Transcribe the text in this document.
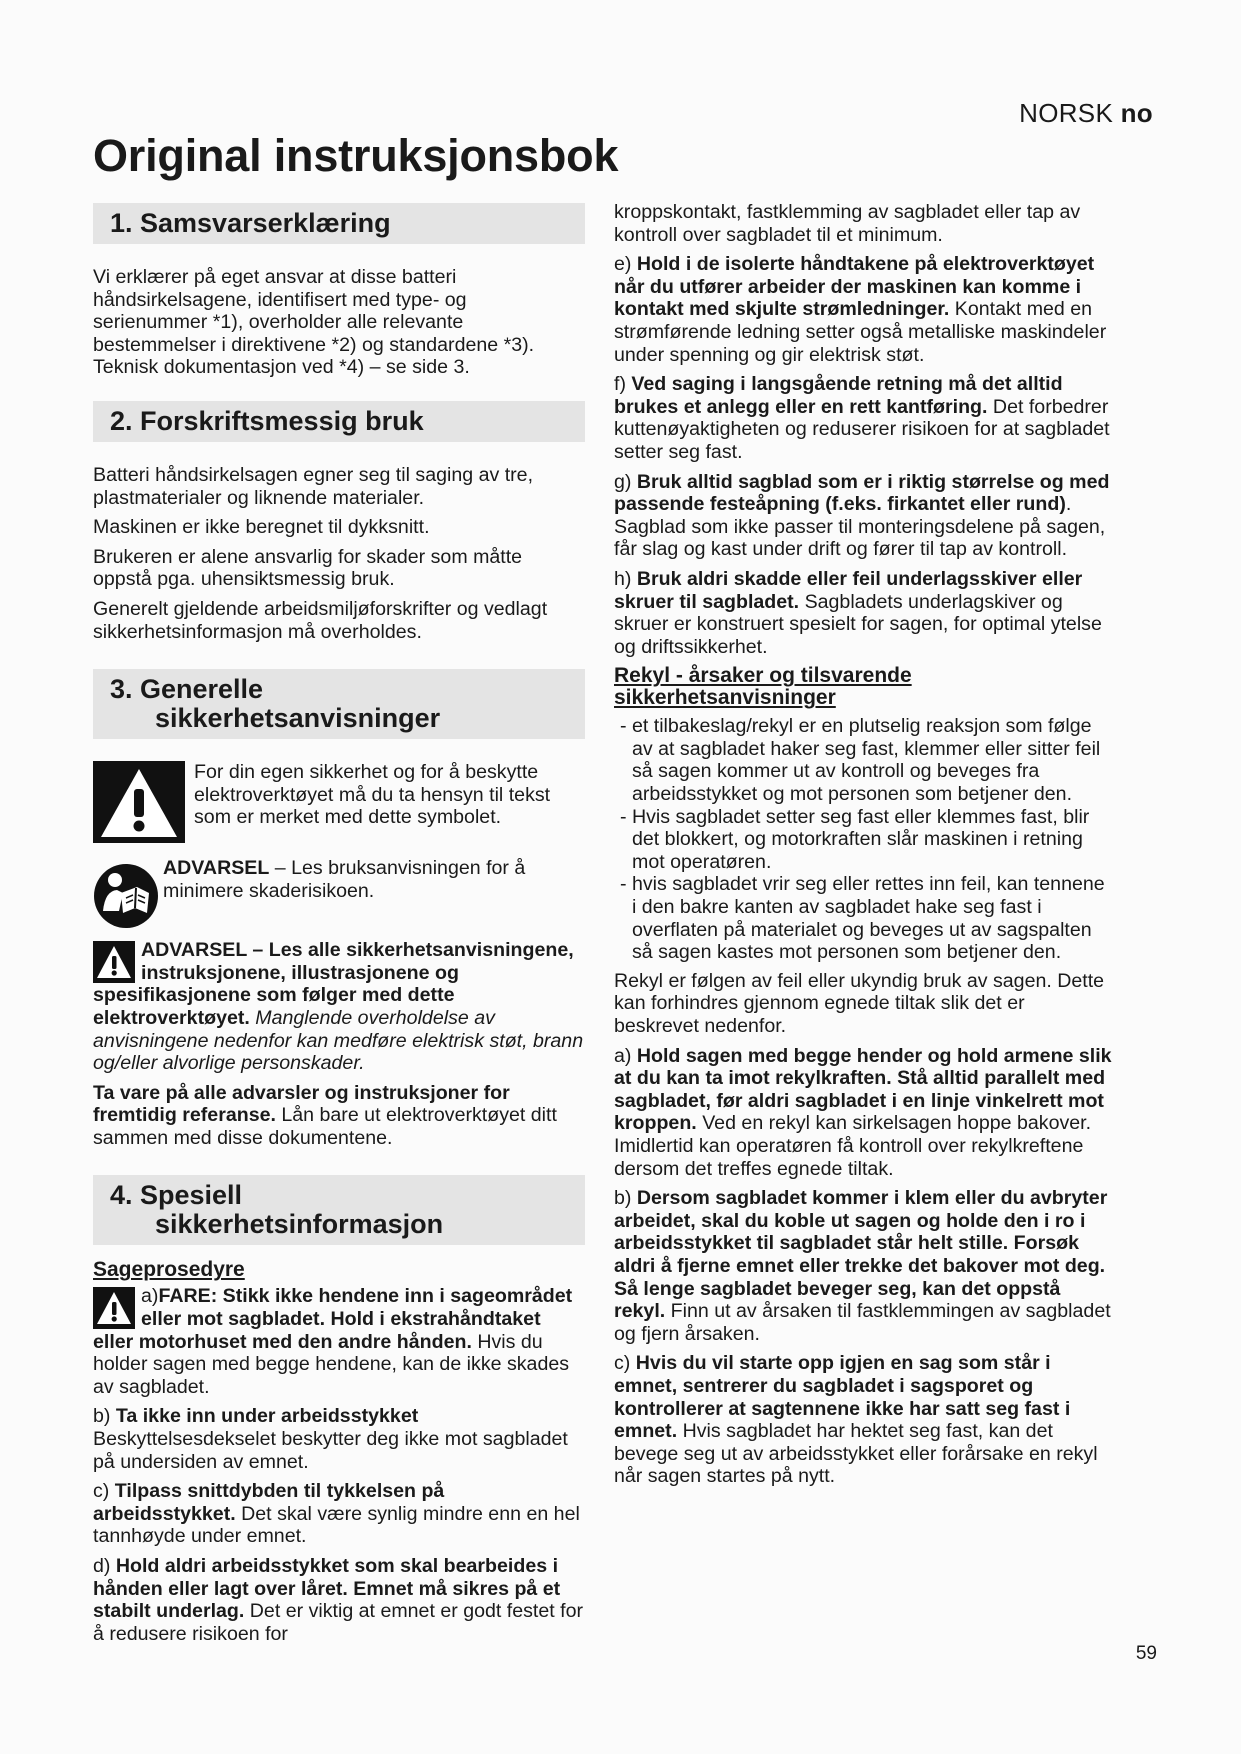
NORSK no
Original instruksjonsbok
1. Samsvarserklæring

Vi erklærer på eget ansvar at disse batteri håndsirkelsagene, identifisert med type- og serienummer *1), overholder alle relevante bestemmelser i direktivene *2) og standardene *3). Teknisk dokumentasjon ved *4) – se side 3.

2. Forskriftsmessig bruk

Batteri håndsirkelsagen egner seg til saging av tre, plastmaterialer og liknende materialer.

Maskinen er ikke beregnet til dykksnitt.

Brukeren er alene ansvarlig for skader som måtte oppstå pga. uhensiktsmessig bruk.

Generelt gjeldende arbeidsmiljøforskrifter og vedlagt sikkerhetsinformasjon må overholdes.

3. Generelle
sikkerhetsanvisninger
For din egen sikkerhet og for å beskytte elektroverktøyet må du ta hensyn til tekst som er merket med dette symbolet.
ADVARSEL – Les bruksanvisningen for å minimere skaderisikoen.

ADVARSEL – Les alle sikkerhetsanvisningene, instruksjonene, illustrasjonene og spesifikasjonene som følger med dette elektroverktøyet. Manglende overholdelse av anvisningene nedenfor kan medføre elektrisk støt, brann og/eller alvorlige personskader.

Ta vare på alle advarsler og instruksjoner for fremtidig referanse. Lån bare ut elektroverktøyet ditt sammen med disse dokumentene.

4. Spesiell
sikkerhetsinformasjon
Sageprosedyre

a)FARE: Stikk ikke hendene inn i sageområdet eller mot sagbladet. Hold i ekstrahåndtaket eller motorhuset med den andre hånden. Hvis du holder sagen med begge hendene, kan de ikke skades av sagbladet.

b) Ta ikke inn under arbeidsstykket
Beskyttelsesdekselet beskytter deg ikke mot sagbladet på undersiden av emnet.

c) Tilpass snittdybden til tykkelsen på arbeidsstykket. Det skal være synlig mindre enn en hel tannhøyde under emnet.

d) Hold aldri arbeidsstykket som skal bearbeides i hånden eller lagt over låret. Emnet må sikres på et stabilt underlag. Det er viktig at emnet er godt festet for å redusere risikoen for

kroppskontakt, fastklemming av sagbladet eller tap av kontroll over sagbladet til et minimum.

e) Hold i de isolerte håndtakene på elektroverktøyet når du utfører arbeider der maskinen kan komme i kontakt med skjulte strømledninger. Kontakt med en strømførende ledning setter også metalliske maskindeler under spenning og gir elektrisk støt.

f) Ved saging i langsgående retning må det alltid brukes et anlegg eller en rett kantføring. Det forbedrer kuttenøyaktigheten og reduserer risikoen for at sagbladet setter seg fast.

g) Bruk alltid sagblad som er i riktig størrelse og med passende festeåpning (f.eks. firkantet eller rund). Sagblad som ikke passer til monteringsdelene på sagen, får slag og kast under drift og fører til tap av kontroll.

h) Bruk aldri skadde eller feil underlagsskiver eller skruer til sagbladet. Sagbladets underlagskiver og skruer er konstruert spesielt for sagen, for optimal ytelse og driftssikkerhet.

Rekyl - årsaker og tilsvarende sikkerhetsanvisninger
- et tilbakeslag/rekyl er en plutselig reaksjon som følge av at sagbladet haker seg fast, klemmer eller sitter feil så sagen kommer ut av kontroll og beveges fra arbeidsstykket og mot personen som betjener den.
- Hvis sagbladet setter seg fast eller klemmes fast, blir det blokkert, og motorkraften slår maskinen i retning mot operatøren.
- hvis sagbladet vrir seg eller rettes inn feil, kan tennene i den bakre kanten av sagbladet hake seg fast i overflaten på materialet og beveges ut av sagspalten så sagen kastes mot personen som betjener den.

Rekyl er følgen av feil eller ukyndig bruk av sagen. Dette kan forhindres gjennom egnede tiltak slik det er beskrevet nedenfor.

a) Hold sagen med begge hender og hold armene slik at du kan ta imot rekylkraften. Stå alltid parallelt med sagbladet, før aldri sagbladet i en linje vinkelrett mot kroppen. Ved en rekyl kan sirkelsagen hoppe bakover. Imidlertid kan operatøren få kontroll over rekylkreftene dersom det treffes egnede tiltak.

b) Dersom sagbladet kommer i klem eller du avbryter arbeidet, skal du koble ut sagen og holde den i ro i arbeidsstykket til sagbladet står helt stille. Forsøk aldri å fjerne emnet eller trekke det bakover mot deg. Så lenge sagbladet beveger seg, kan det oppstå rekyl. Finn ut av årsaken til fastklemmingen av sagbladet og fjern årsaken.

c) Hvis du vil starte opp igjen en sag som står i emnet, sentrerer du sagbladet i sagsporet og kontrollerer at sagtennene ikke har satt seg fast i emnet. Hvis sagbladet har hektet seg fast, kan det bevege seg ut av arbeidsstykket eller forårsake en rekyl når sagen startes på nytt.

59
